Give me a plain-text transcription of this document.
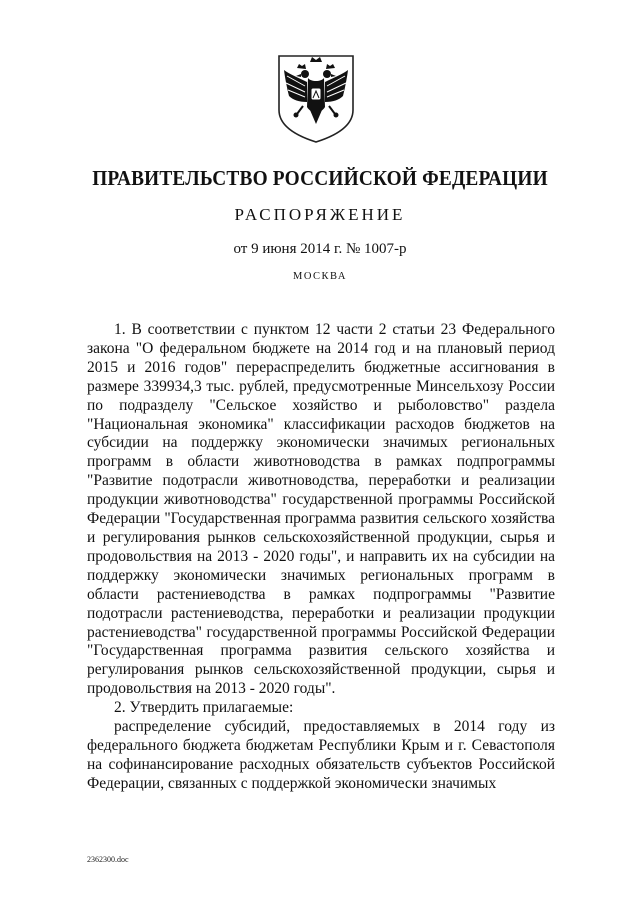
ПРАВИТЕЛЬСТВО РОССИЙСКОЙ ФЕДЕРАЦИИ
РАСПОРЯЖЕНИЕ
от 9 июня 2014 г. № 1007-р
МОСКВА

1. В соответствии с пунктом 12 части 2 статьи 23 Федерального закона "О федеральном бюджете на 2014 год и на плановый период 2015 и 2016 годов" перераспределить бюджетные ассигнования в размере 339934,3 тыс. рублей, предусмотренные Минсельхозу России по подразделу "Сельское хозяйство и рыболовство" раздела "Национальная экономика" классификации расходов бюджетов на субсидии на поддержку экономически значимых региональных программ в области животноводства в рамках подпрограммы "Развитие подотрасли животноводства, переработки и реализации продукции животноводства" государственной программы Российской Федерации "Государственная программа развития сельского хозяйства и регулирования рынков сельскохозяйственной продукции, сырья и продовольствия на 2013 - 2020 годы", и направить их на субсидии на поддержку экономически значимых региональных программ в области растениеводства в рамках подпрограммы "Развитие подотрасли растениеводства, переработки и реализации продукции растениеводства" государственной программы Российской Федерации "Государственная программа развития сельского хозяйства и регулирования рынков сельскохозяйственной продукции, сырья и продовольствия на 2013 - 2020 годы".

2. Утвердить прилагаемые:

распределение субсидий, предоставляемых в 2014 году из федерального бюджета бюджетам Республики Крым и г. Севастополя на софинансирование расходных обязательств субъектов Российской Федерации, связанных с поддержкой экономически значимых

2362300.doc
